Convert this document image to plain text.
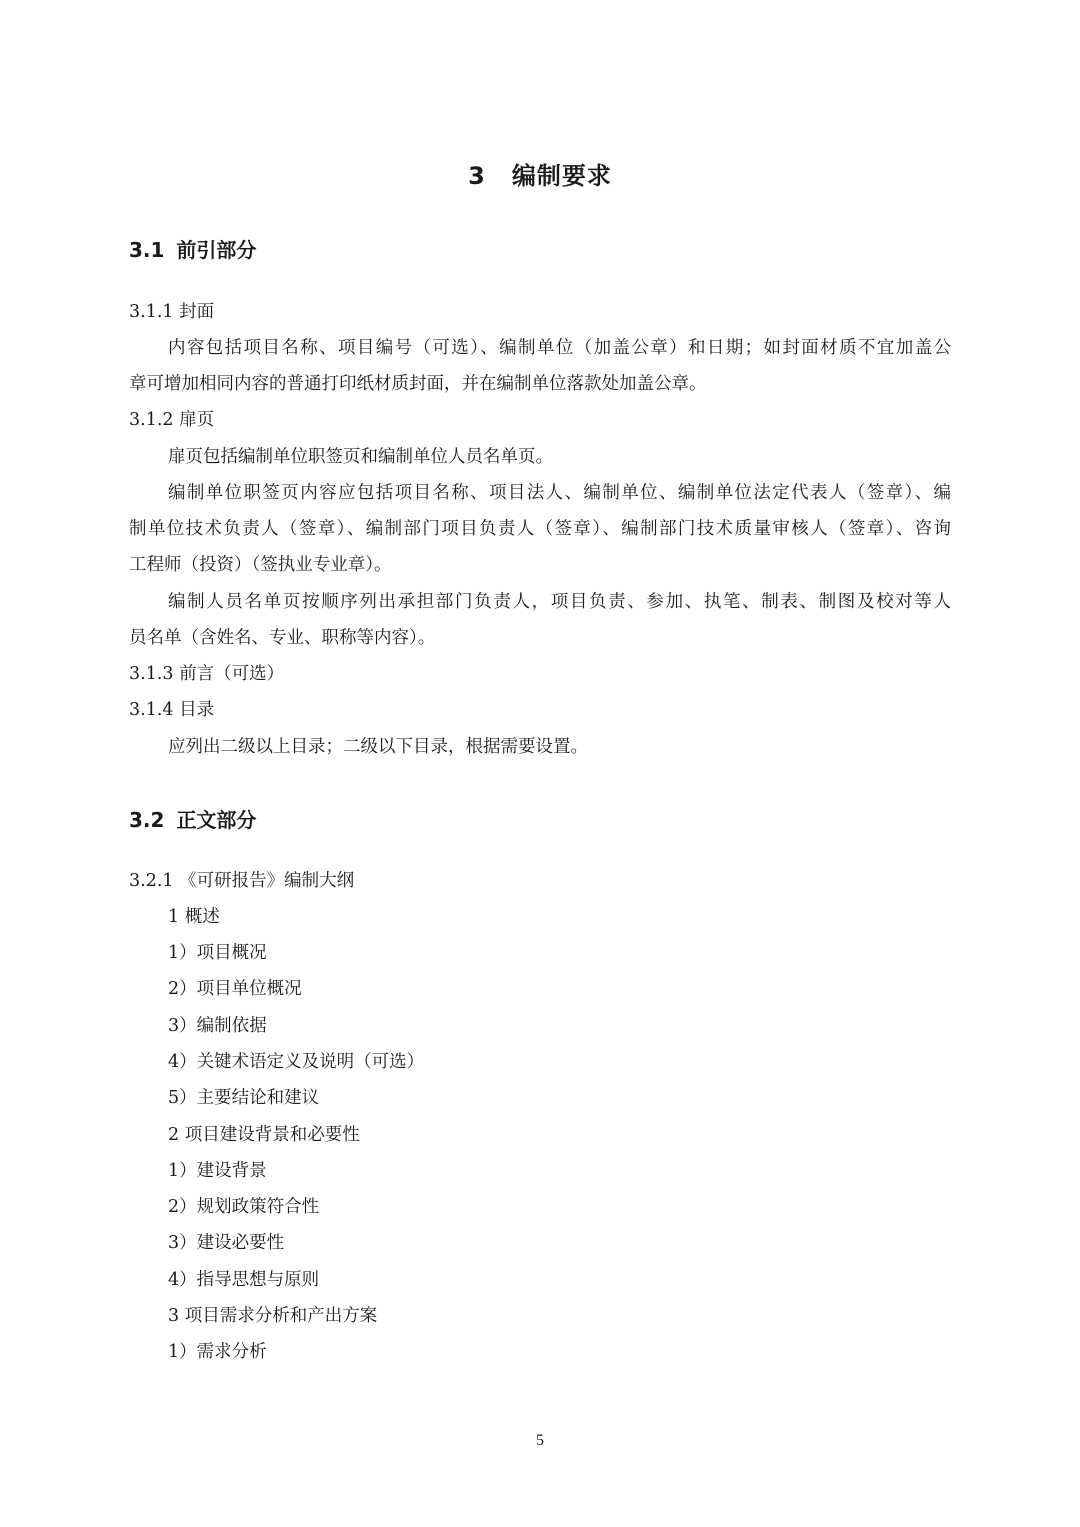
3 编制要求
3.1 前引部分
3.1.1 封面
内容包括项目名称、项目编号（可选）、编制单位（加盖公章）和日期；如封面材质不宜加盖公
章可增加相同内容的普通打印纸材质封面，并在编制单位落款处加盖公章。
3.1.2 扉页
扉页包括编制单位职签页和编制单位人员名单页。
编制单位职签页内容应包括项目名称、项目法人、编制单位、编制单位法定代表人（签章）、编
制单位技术负责人（签章）、编制部门项目负责人（签章）、编制部门技术质量审核人（签章）、咨询
工程师（投资）（签执业专业章）。
编制人员名单页按顺序列出承担部门负责人，项目负责、参加、执笔、制表、制图及校对等人
员名单（含姓名、专业、职称等内容）。
3.1.3 前言（可选）
3.1.4 目录
应列出二级以上目录；二级以下目录，根据需要设置。
3.2 正文部分
3.2.1 《可研报告》编制大纲
1 概述
1）项目概况
2）项目单位概况
3）编制依据
4）关键术语定义及说明（可选）
5）主要结论和建议
2 项目建设背景和必要性
1）建设背景
2）规划政策符合性
3）建设必要性
4）指导思想与原则
3 项目需求分析和产出方案
1）需求分析
5
